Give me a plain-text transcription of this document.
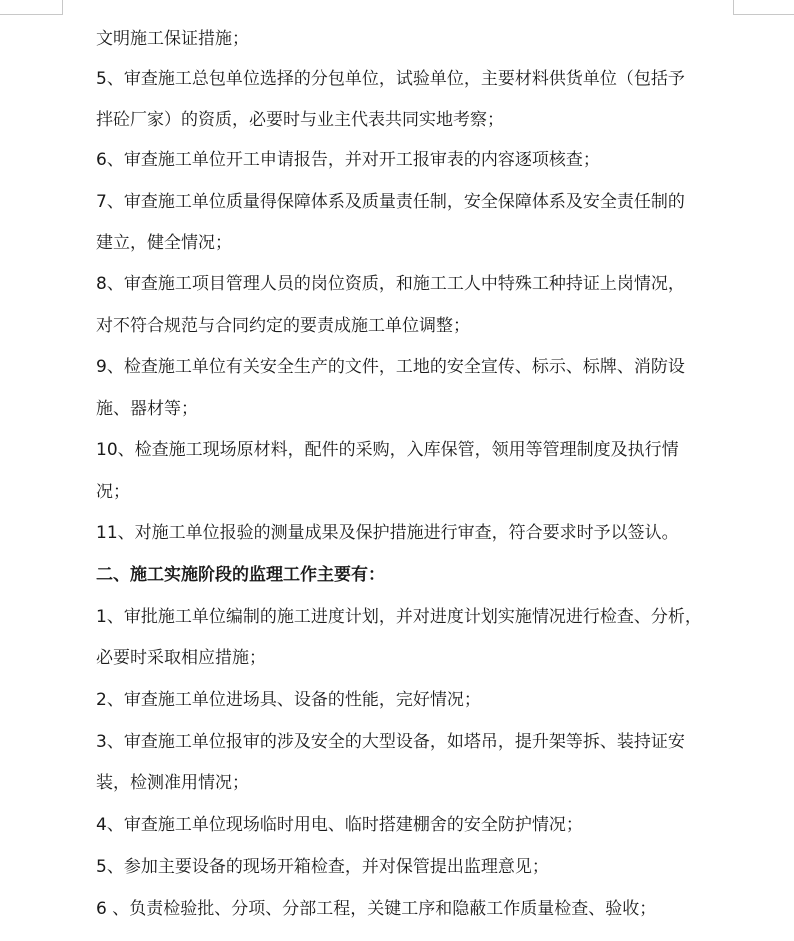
文明施工保证措施；
5、审查施工总包单位选择的分包单位，试验单位，主要材料供货单位（包括予
拌砼厂家）的资质，必要时与业主代表共同实地考察；
6、审查施工单位开工申请报告，并对开工报审表的内容逐项核查；
7、审查施工单位质量得保障体系及质量责任制，安全保障体系及安全责任制的
建立，健全情况；
8、审查施工项目管理人员的岗位资质，和施工工人中特殊工种持证上岗情况，
对不符合规范与合同约定的要责成施工单位调整；
9、检查施工单位有关安全生产的文件，工地的安全宣传、标示、标牌、消防设
施、器材等；
10、检查施工现场原材料，配件的采购，入库保管，领用等管理制度及执行情
况；
11、对施工单位报验的测量成果及保护措施进行审查，符合要求时予以签认。
二、施工实施阶段的监理工作主要有：
1、审批施工单位编制的施工进度计划，并对进度计划实施情况进行检查、分析，
必要时采取相应措施；
2、审查施工单位进场具、设备的性能，完好情况；
3、审查施工单位报审的涉及安全的大型设备，如塔吊，提升架等拆、装持证安
装，检测准用情况；
4、审查施工单位现场临时用电、临时搭建棚舍的安全防护情况；
5、参加主要设备的现场开箱检查，并对保管提出监理意见；
6 、负责检验批、分项、分部工程，关键工序和隐蔽工作质量检查、验收；
